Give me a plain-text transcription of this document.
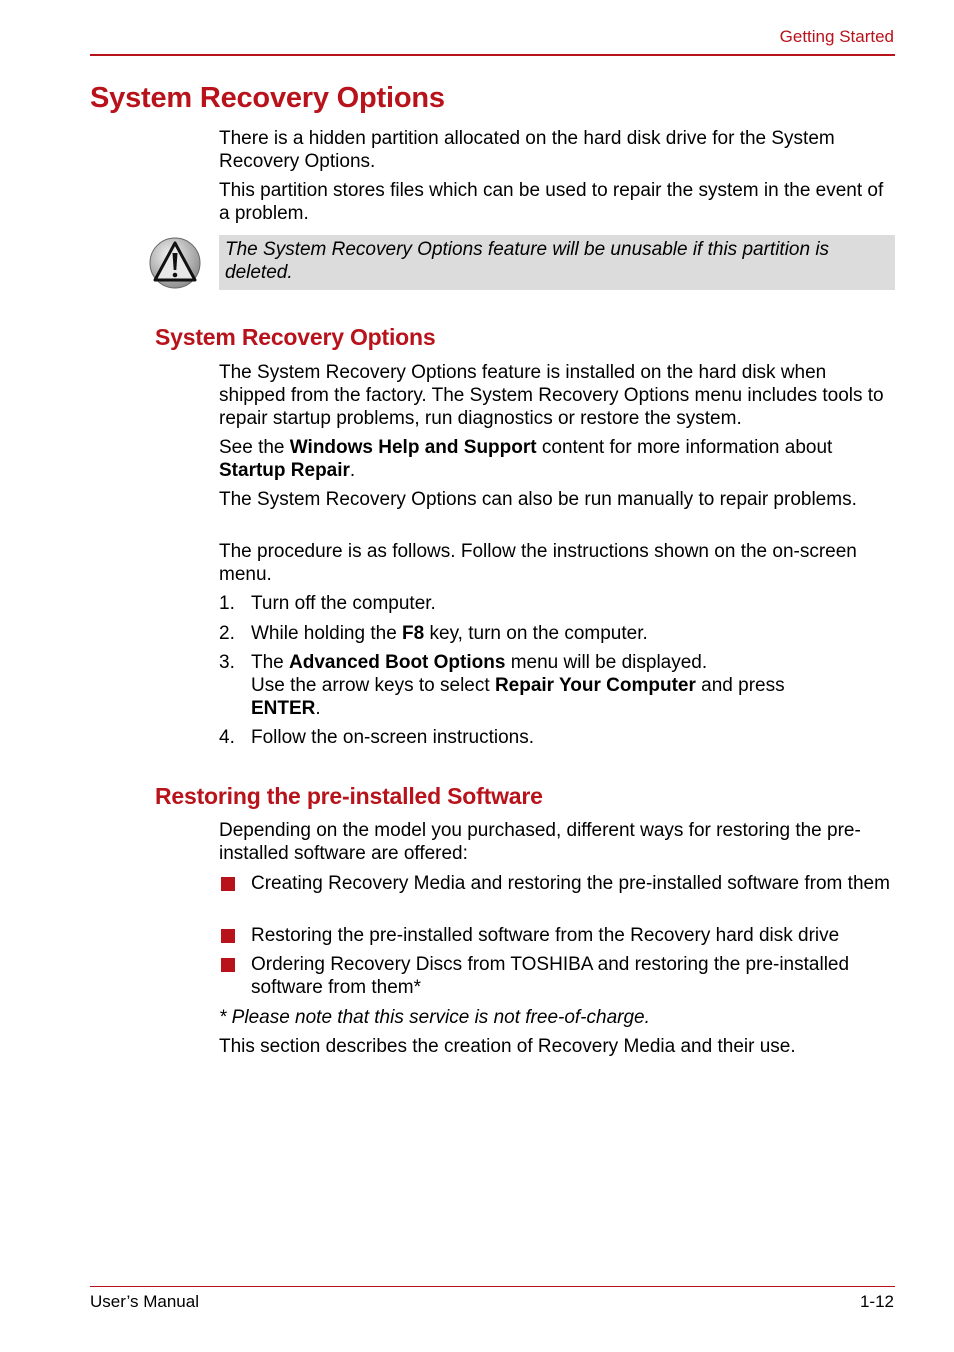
Getting Started
System Recovery Options
There is a hidden partition allocated on the hard disk drive for the System Recovery Options.
This partition stores files which can be used to repair the system in the event of a problem.
The System Recovery Options feature will be unusable if this partition is deleted.
System Recovery Options
The System Recovery Options feature is installed on the hard disk when shipped from the factory. The System Recovery Options menu includes tools to repair startup problems, run diagnostics or restore the system.
See the Windows Help and Support content for more information about Startup Repair.
The System Recovery Options can also be run manually to repair problems.
The procedure is as follows. Follow the instructions shown on the on-screen menu.
1. Turn off the computer.
2. While holding the F8 key, turn on the computer.
3. The Advanced Boot Options menu will be displayed.
Use the arrow keys to select Repair Your Computer and press
ENTER.
4. Follow the on-screen instructions.
Restoring the pre-installed Software
Depending on the model you purchased, different ways for restoring the pre-installed software are offered:
Creating Recovery Media and restoring the pre-installed software from them
Restoring the pre-installed software from the Recovery hard disk drive
Ordering Recovery Discs from TOSHIBA and restoring the pre-installed software from them*
* Please note that this service is not free-of-charge.
This section describes the creation of Recovery Media and their use.
User’s Manual	1-12
